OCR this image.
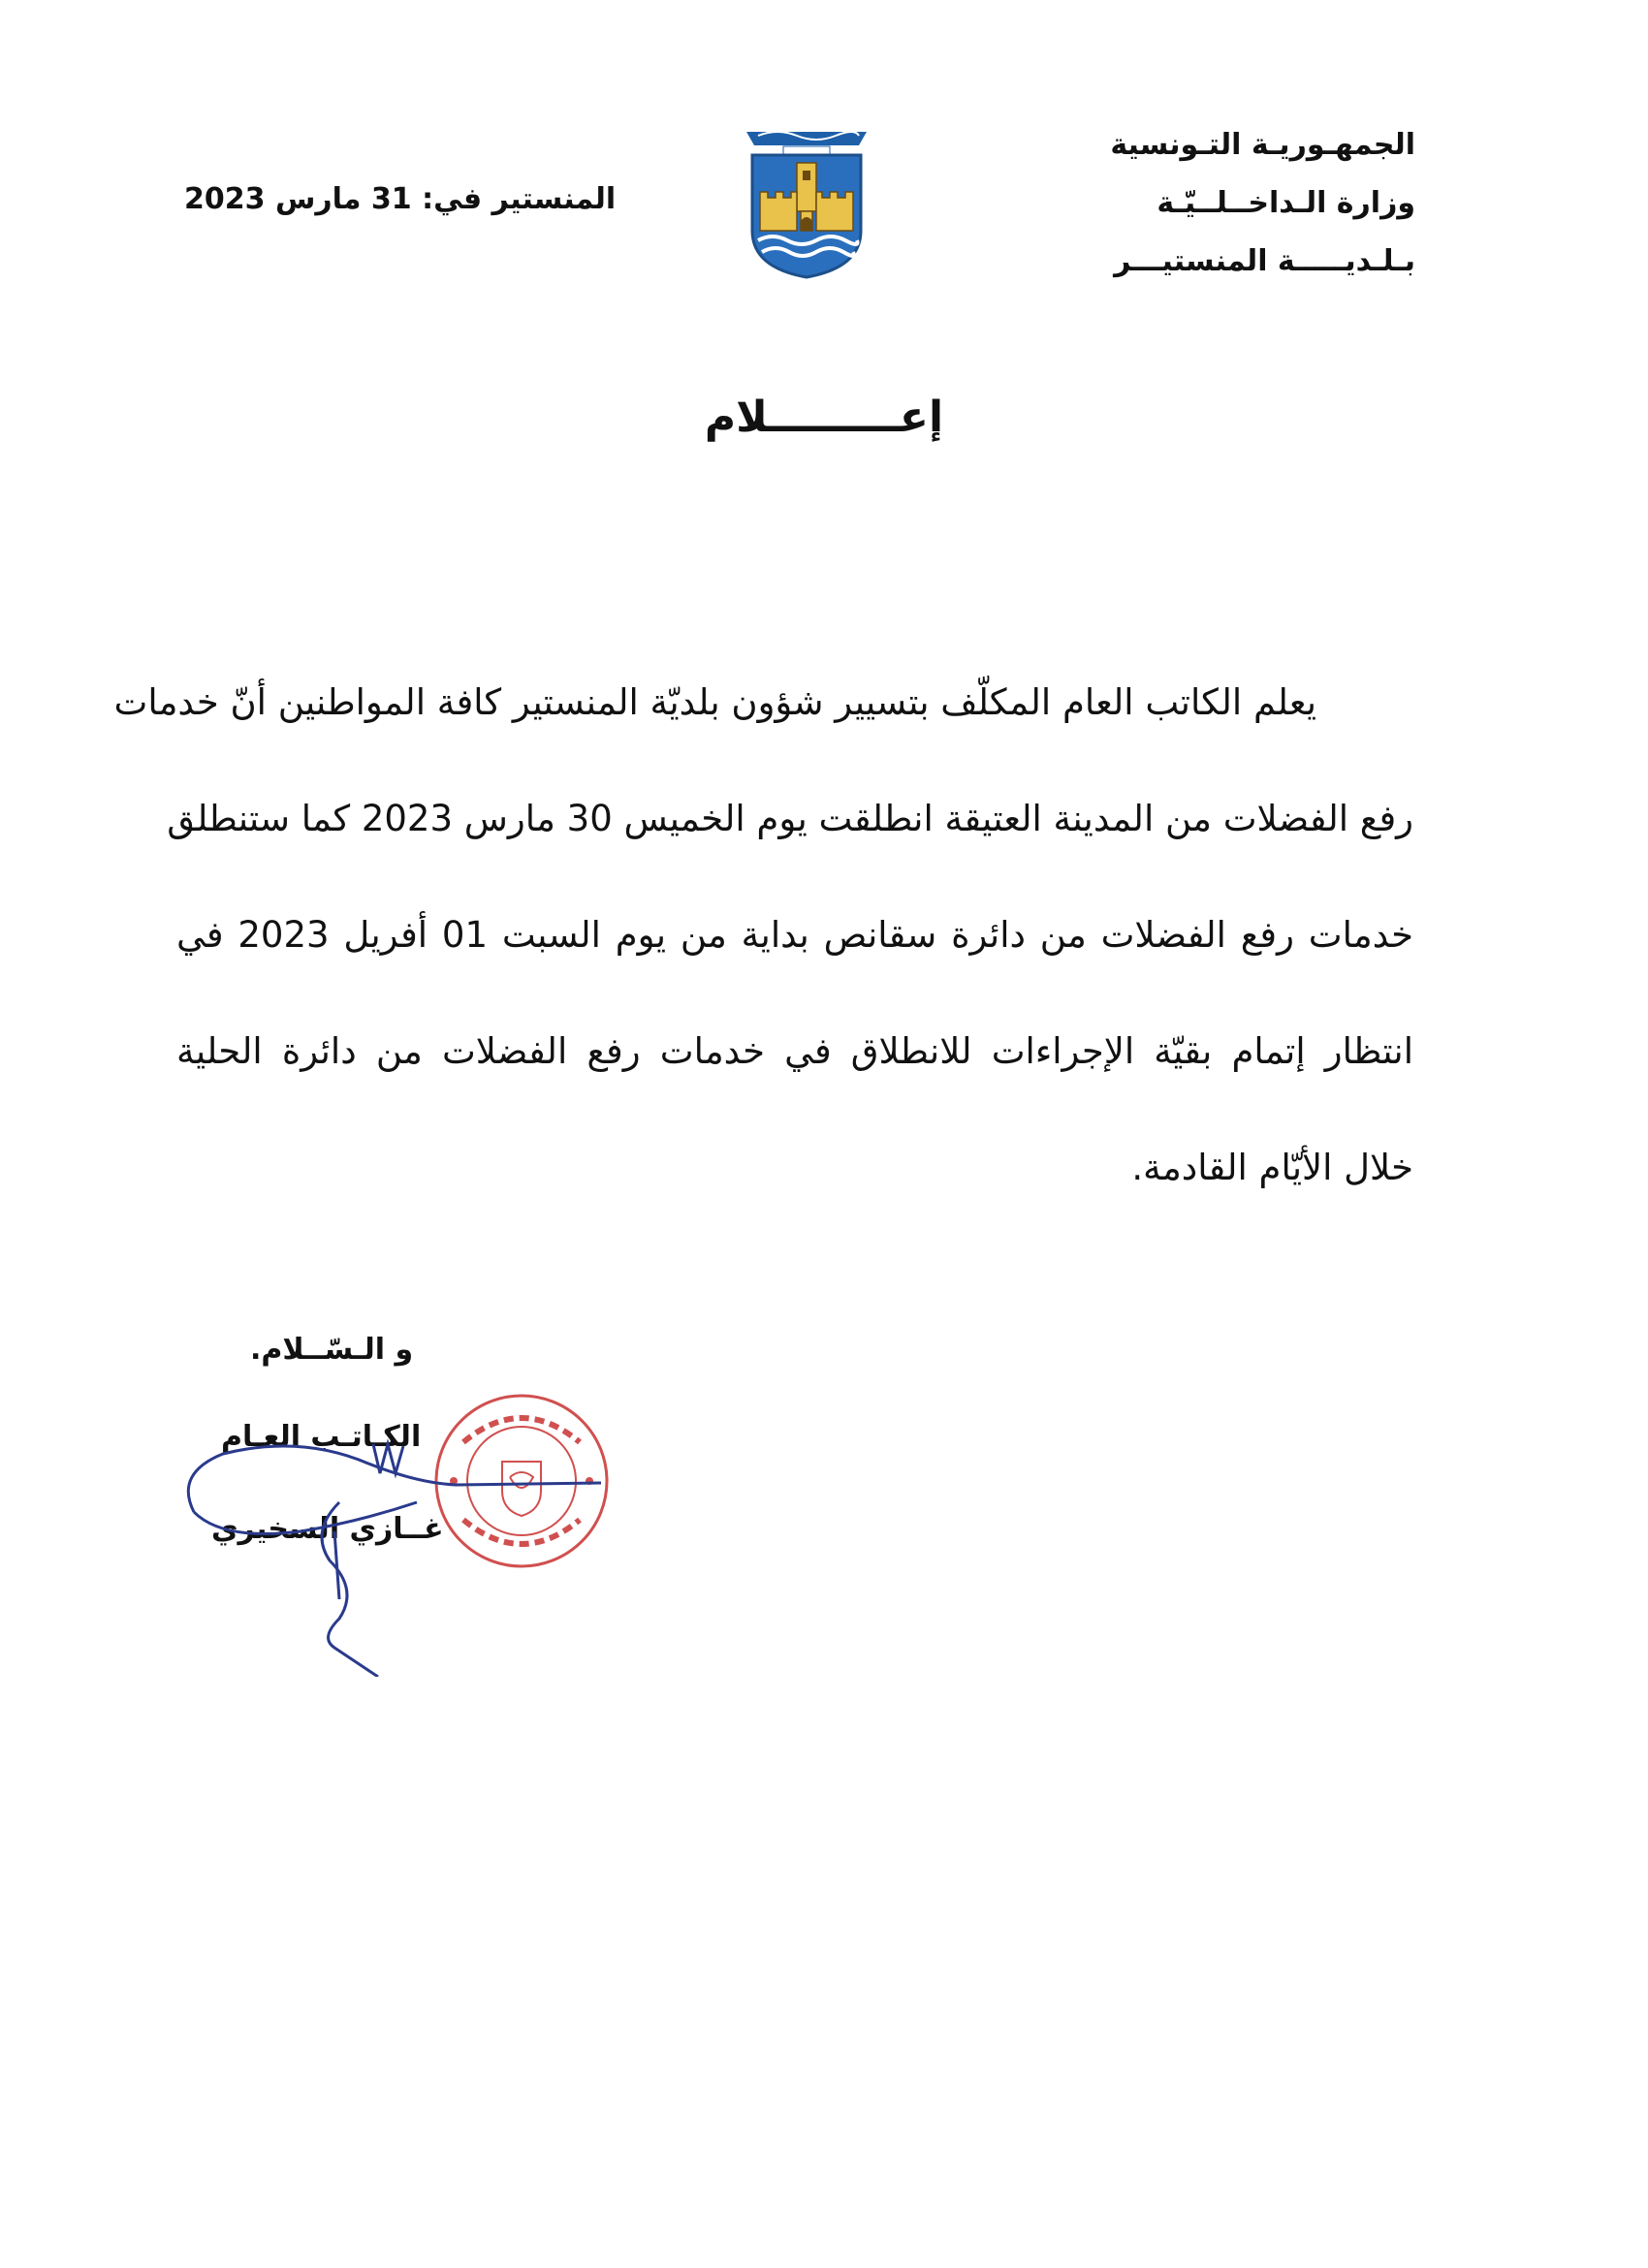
الجمهـوريـة التـونسية
وزارة الـداخــلــيّـة
بـلـديـــــة المنستيـــر
المنستير في: 31 مارس 2023
إعـــــــــلام
يعلم الكاتب العام المكلّف بتسيير شؤون بلديّة المنستير كافة المواطنين أنّ خدمات
رفع الفضلات من المدينة العتيقة انطلقت يوم الخميس 30 مارس 2023 كما ستنطلق
خدمات رفع الفضلات من دائرة سقانص بداية من يوم السبت 01 أفريل 2023 في
انتظار إتمام بقيّة الإجراءات للانطلاق في خدمات رفع الفضلات من دائرة الحلية
خلال الأيّام القادمة.
و الـسّــلام.
الكـاتـب العـام
غــازي السخيري
